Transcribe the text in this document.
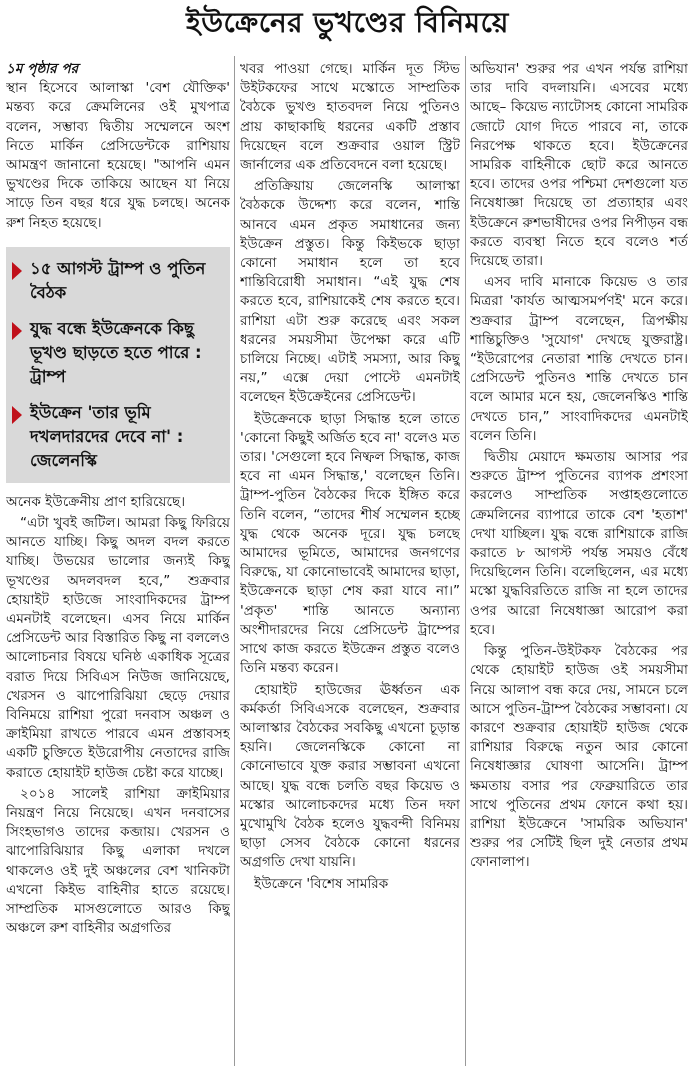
ইউক্রেনের ভুখণ্ডের বিনিময়ে

১ম পৃষ্ঠার পর
স্থান হিসেবে আলাস্কা 'বেশ যৌক্তিক' মন্তব্য করে ক্রেমলিনের ওই মুখপাত্র বলেন, সম্ভাব্য দ্বিতীয় সম্মেলনে অংশ নিতে মার্কিন প্রেসিডেন্টকে রাশিয়ায় আমন্ত্রণ জানানো হয়েছে। "আপনি এমন ভুখণ্ডের দিকে তাকিয়ে আছেন যা নিয়ে সাড়ে তিন বছর ধরে যুদ্ধ চলছে। অনেক রুশ নিহত হয়েছে।

১৫ আগস্ট ট্রাম্প ও পুতিন বৈঠক
যুদ্ধ বন্ধে ইউক্রেনকে কিছু ভূখণ্ড ছাড়তে হতে পারে : ট্রাম্প
ইউক্রেন 'তার ভূমি দখলদারদের দেবে না' : জেলেনস্কি

অনেক ইউক্রেনীয় প্রাণ হারিয়েছে।

“এটা খুবই জটিল। আমরা কিছু ফিরিয়ে আনতে যাচ্ছি। কিছু অদল বদল করতে যাচ্ছি। উভয়ের ভালোর জন্যই কিছু ভূখণ্ডের অদলবদল হবে,” শুক্রবার হোয়াইট হাউজে সাংবাদিকদের ট্রাম্প এমনটাই বলেছেন। এসব নিয়ে মার্কিন প্রেসিডেন্ট আর বিস্তারিত কিছু না বললেও আলোচনার বিষয়ে ঘনিষ্ঠ একাধিক সূত্রের বরাত দিয়ে সিবিএস নিউজ জানিয়েছে, খেরসন ও ঝাপোরিঝিয়া ছেড়ে দেয়ার বিনিময়ে রাশিয়া পুরো দনবাস অঞ্চল ও ক্রাইমিয়া রাখতে পারবে এমন প্রস্তাবসহ একটি চুক্তিতে ইউরোপীয় নেতাদের রাজি করাতে হোয়াইট হাউজ চেষ্টা করে যাচ্ছে।

২০১৪ সালেই রাশিয়া ক্রাইমিয়ার নিয়ন্ত্রণ নিয়ে নিয়েছে। এখন দনবাসের সিংহভাগও তাদের কব্জায়। খেরসন ও ঝাপোরিঝিয়ার কিছু এলাকা দখলে থাকলেও ওই দুই অঞ্চলের বেশ খানিকটা এখনো কিইভ বাহিনীর হাতে রয়েছে। সাম্প্রতিক মাসগুলোতে আরও কিছু অঞ্চলে রুশ বাহিনীর অগ্রগতির

খবর পাওয়া গেছে। মার্কিন দূত স্টিভ উইটকফের সাথে মস্কোতে সাম্প্রতিক বৈঠকে ভুখণ্ড হাতবদল নিয়ে পুতিনও প্রায় কাছাকাছি ধরনের একটি প্রস্তাব দিয়েছেন বলে শুক্রবার ওয়াল স্ট্রিট জার্নালের এক প্রতিবেদনে বলা হয়েছে।

প্রতিক্রিয়ায় জেলেনস্কি আলাস্কা বৈঠককে উদ্দেশ্য করে বলেন, শান্তি আনবে এমন প্রকৃত সমাধানের জন্য ইউক্রেন প্রস্তুত। কিন্তু কিইভকে ছাড়া কোনো সমাধান হলে তা হবে শান্তিবিরোধী সমাধান। “এই যুদ্ধ শেষ করতে হবে, রাশিয়াকেই শেষ করতে হবে। রাশিয়া এটা শুরু করেছে এবং সকল ধরনের সময়সীমা উপেক্ষা করে এটি চালিয়ে নিচ্ছে। এটাই সমস্যা, আর কিছু নয়,” এক্সে দেয়া পোস্টে এমনটাই বলেছেন ইউক্রেইনের প্রেসিডেন্ট।

ইউক্রেনকে ছাড়া সিদ্ধান্ত হলে তাতে 'কোনো কিছুই অর্জিত হবে না' বলেও মত তার। 'সেগুলো হবে নিষ্ফল সিদ্ধান্ত, কাজ হবে না এমন সিদ্ধান্ত,' বলেছেন তিনি। ট্রাম্প-পুতিন বৈঠকের দিকে ইঙ্গিত করে তিনি বলেন, “তাদের শীর্ষ সম্মেলন হচ্ছে যুদ্ধ থেকে অনেক দূরে। যুদ্ধ চলছে আমাদের ভূমিতে, আমাদের জনগণের বিরুদ্ধে, যা কোনোভাবেই আমাদের ছাড়া, ইউক্রেনকে ছাড়া শেষ করা যাবে না।” 'প্রকৃত' শান্তি আনতে অন্যান্য অংশীদারদের নিয়ে প্রেসিডেন্ট ট্রাম্পের সাথে কাজ করতে ইউক্রেন প্রস্তুত বলেও তিনি মন্তব্য করেন।

হোয়াইট হাউজের ঊর্ধ্বতন এক কর্মকর্তা সিবিএসকে বলেছেন, শুক্রবার আলাস্কার বৈঠকের সবকিছু এখনো চূড়ান্ত হয়নি। জেলেনস্কিকে কোনো না কোনোভাবে যুক্ত করার সম্ভাবনা এখনো আছে। যুদ্ধ বন্ধে চলতি বছর কিয়েভ ও মস্কোর আলোচকদের মধ্যে তিন দফা মুখোমুখি বৈঠক হলেও যুদ্ধবন্দী বিনিময় ছাড়া সেসব বৈঠকে কোনো ধরনের অগ্রগতি দেখা যায়নি।

ইউক্রেনে 'বিশেষ সামরিক

অভিযান' শুরুর পর এখন পর্যন্ত রাশিয়া তার দাবি বদলায়নি। এসবের মধ্যে আছে– কিয়েভ ন্যাটোসহ কোনো সামরিক জোটে যোগ দিতে পারবে না, তাকে নিরপেক্ষ থাকতে হবে। ইউক্রেনের সামরিক বাহিনীকে ছোট করে আনতে হবে। তাদের ওপর পশ্চিমা দেশগুলো যত নিষেধাজ্ঞা দিয়েছে তা প্রত্যাহার এবং ইউক্রেনে রুশভাষীদের ওপর নিপীড়ন বন্ধ করতে ব্যবস্থা নিতে হবে বলেও শর্ত দিয়েছে তারা।

এসব দাবি মানাকে কিয়েভ ও তার মিত্ররা 'কার্যত আত্মসমর্পণই' মনে করে। শুক্রবার ট্রাম্প বলেছেন, ত্রিপক্ষীয় শান্তিচুক্তিও 'সুযোগ' দেখছে যুক্তরাষ্ট্র। “ইউরোপের নেতারা শান্তি দেখতে চান। প্রেসিডেন্ট পুতিনও শান্তি দেখতে চান বলে আমার মনে হয়, জেলেনস্কিও শান্তি দেখতে চান,” সাংবাদিকদের এমনটাই বলেন তিনি।

দ্বিতীয় মেয়াদে ক্ষমতায় আসার পর শুরুতে ট্রাম্প পুতিনের ব্যাপক প্রশংসা করলেও সাম্প্রতিক সপ্তাহগুলোতে ক্রেমলিনের ব্যাপারে তাকে বেশ 'হতাশ' দেখা যাচ্ছিল। যুদ্ধ বন্ধে রাশিয়াকে রাজি করাতে ৮ আগস্ট পর্যন্ত সময়ও বেঁধে দিয়েছিলেন তিনি। বলেছিলেন, এর মধ্যে মস্কো যুদ্ধবিরতিতে রাজি না হলে তাদের ওপর আরো নিষেধাজ্ঞা আরোপ করা হবে।

কিন্তু পুতিন-উইটকফ বৈঠকের পর থেকে হোয়াইট হাউজ ওই সময়সীমা নিয়ে আলাপ বন্ধ করে দেয়, সামনে চলে আসে পুতিন-ট্রাম্প বৈঠকের সম্ভাবনা। যে কারণে শুক্রবার হোয়াইট হাউজ থেকে রাশিয়ার বিরুদ্ধে নতুন আর কোনো নিষেধাজ্ঞার ঘোষণা আসেনি। ট্রাম্প ক্ষমতায় বসার পর ফেব্রুয়ারিতে তার সাথে পুতিনের প্রথম ফোনে কথা হয়। রাশিয়া ইউক্রেনে 'সামরিক অভিযান' শুরুর পর সেটিই ছিল দুই নেতার প্রথম ফোনালাপ।
